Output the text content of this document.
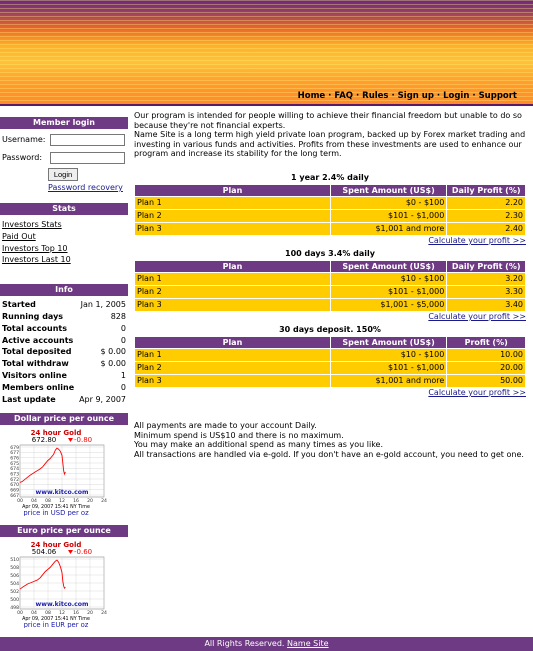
Home · FAQ · Rules · Sign up · Login · Support
Member login
Username:
Password:
Login
Password recovery
Stats
Investors Stats
Paid Out
Investors Top 10
Investors Last 10
Info
Started	Jan 1, 2005
Running days	828
Total accounts	0
Active accounts	0
Total deposited	$ 0.00
Total withdraw	$ 0.00
Visitors online	1
Members online	0
Last update	Apr 9, 2007
Dollar price per ounce
24 hour Gold
672.80	-0.80
679
677
676
675
674
673
672
670
669
667
00 04 08 12 16 20 24
www.kitco.com
Apr 09, 2007 15:41 NY Time
price in USD per oz
Euro price per ounce
24 hour Gold
504.06	-0.60
510
508
506
504
502
500
498
00 04 08 12 16 20 24
www.kitco.com
Apr 09, 2007 15:41 NY Time
price in EUR per oz

Our program is intended for people willing to achieve their financial freedom but unable to do so because they're not financial experts.

Name Site is a long term high yield private loan program, backed up by Forex market trading and investing in various funds and activities. Profits from these investments are used to enhance our program and increase its stability for the long term.

1 year 2.4% daily
Plan	Spent Amount (US$)	Daily Profit (%)
Plan 1	$0 - $100	2.20
Plan 2	$101 - $1,000	2.30
Plan 3	$1,001 and more	2.40
Calculate your profit >>
100 days 3.4% daily
Plan	Spent Amount (US$)	Daily Profit (%)
Plan 1	$10 - $100	3.20
Plan 2	$101 - $1,000	3.30
Plan 3	$1,001 - $5,000	3.40
Calculate your profit >>
30 days deposit. 150%
Plan	Spent Amount (US$)	Profit (%)
Plan 1	$10 - $100	10.00
Plan 2	$101 - $1,000	20.00
Plan 3	$1,001 and more	50.00
Calculate your profit >>

All payments are made to your account Daily.

Minimum spend is US$10 and there is no maximum.

You may make an additional spend as many times as you like.

All transactions are handled via e-gold. If you don't have an e-gold account, you need to get one.

All Rights Reserved. Name Site
